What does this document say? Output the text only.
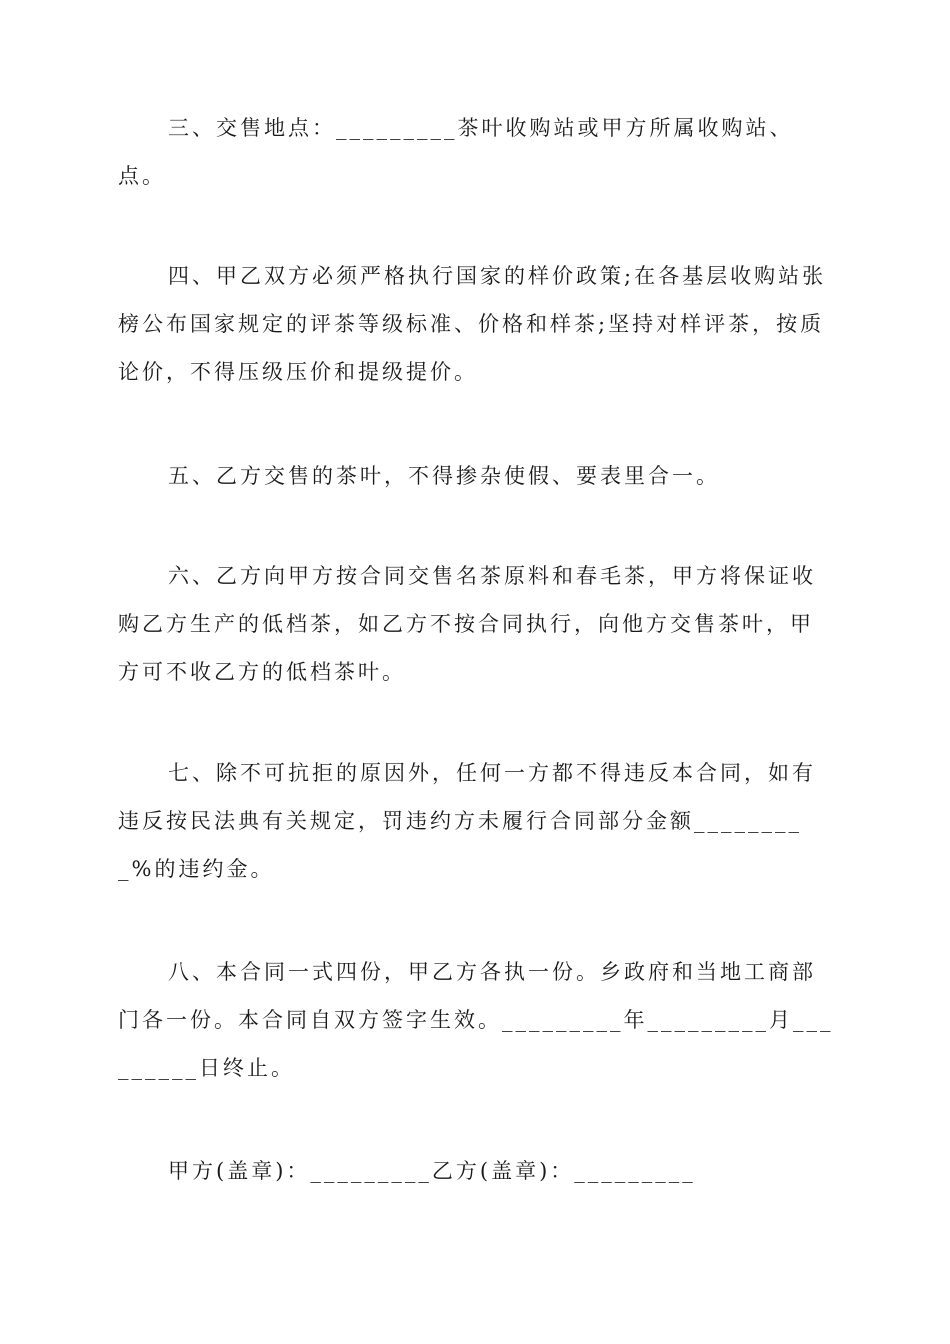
三、交售地点：_________茶叶收购站或甲方所属收购站、点。

四、甲乙双方必须严格执行国家的样价政策;在各基层收购站张榜公布国家规定的评茶等级标准、价格和样茶;坚持对样评茶，按质论价，不得压级压价和提级提价。

五、乙方交售的茶叶，不得掺杂使假、要表里合一。

六、乙方向甲方按合同交售名茶原料和春毛茶，甲方将保证收购乙方生产的低档茶，如乙方不按合同执行，向他方交售茶叶，甲方可不收乙方的低档茶叶。

七、除不可抗拒的原因外，任何一方都不得违反本合同，如有违反按民法典有关规定，罚违约方未履行合同部分金额_________%的违约金。

八、本合同一式四份，甲乙方各执一份。乡政府和当地工商部门各一份。本合同自双方签字生效。_________年_________月_________日终止。

甲方(盖章)：_________乙方(盖章)：_________
